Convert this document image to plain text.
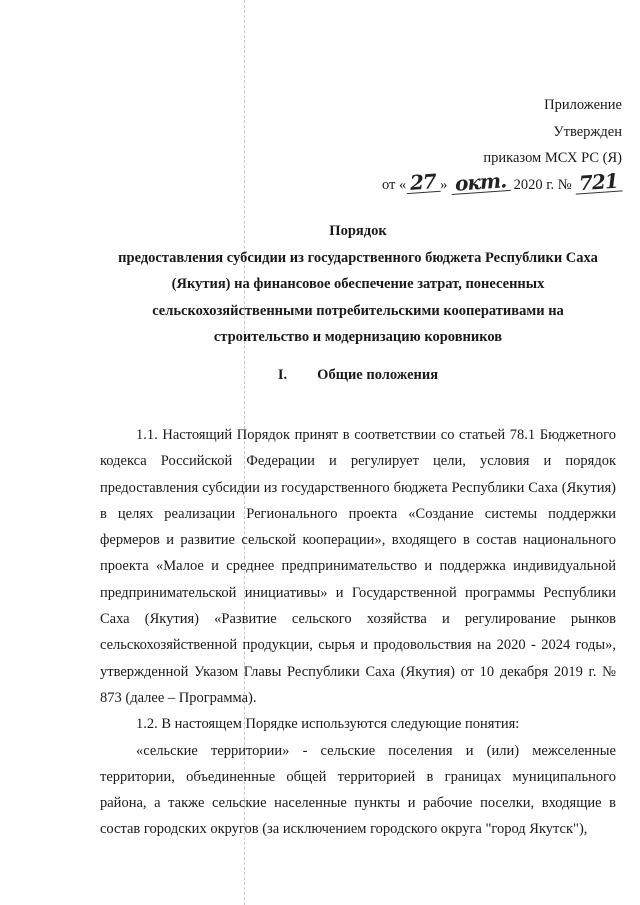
Приложение
Утвержден
приказом МСХ РС (Я)
от « 27 » окт. 2020 г. № 721
Порядок
предоставления субсидии из государственного бюджета Республики Саха
(Якутия) на финансовое обеспечение затрат, понесенных
сельскохозяйственными потребительскими кооперативами на
строительство и модернизацию коровников
I. Общие положения

1.1. Настоящий Порядок принят в соответствии со статьей 78.1 Бюджетного кодекса Российской Федерации и регулирует цели, условия и порядок предоставления субсидии из государственного бюджета Республики Саха (Якутия) в целях реализации Регионального проекта «Создание системы поддержки фермеров и развитие сельской кооперации», входящего в состав национального проекта «Малое и среднее предпринимательство и поддержка индивидуальной предпринимательской инициативы» и Государственной программы Республики Саха (Якутия) «Развитие сельского хозяйства и регулирование рынков сельскохозяйственной продукции, сырья и продовольствия на 2020 - 2024 годы», утвержденной Указом Главы Республики Саха (Якутия) от 10 декабря 2019 г. № 873 (далее – Программа).

1.2. В настоящем Порядке используются следующие понятия:

«сельские территории» - сельские поселения и (или) межселенные территории, объединенные общей территорией в границах муниципального района, а также сельские населенные пункты и рабочие поселки, входящие в состав городских округов (за исключением городского округа "город Якутск"),
